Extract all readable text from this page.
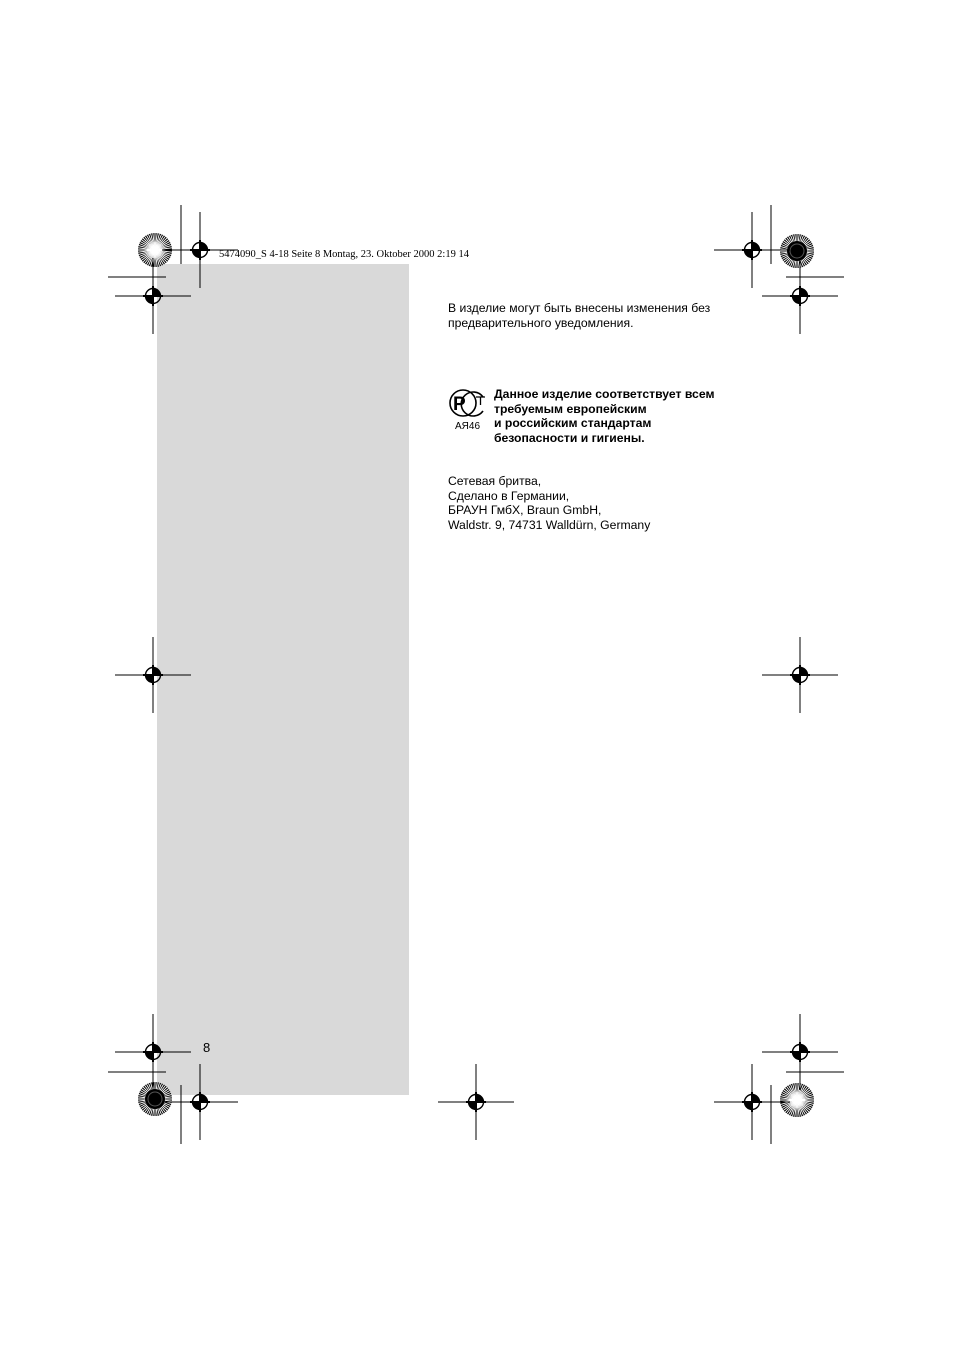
5474090_S 4-18 Seite 8 Montag, 23. Oktober 2000 2:19 14
В изделие могут быть внесены изменения без
предварительного уведомления.
Р
АЯ46
Данное изделие соответствует всем
требуемым европейским
и российским стандартам
безопасности и гигиены.
Сетевая бритва,
Сделано в Германии,
БРАУН ГмбХ, Braun GmbH,
Waldstr. 9, 74731 Walldürn, Germany
8
